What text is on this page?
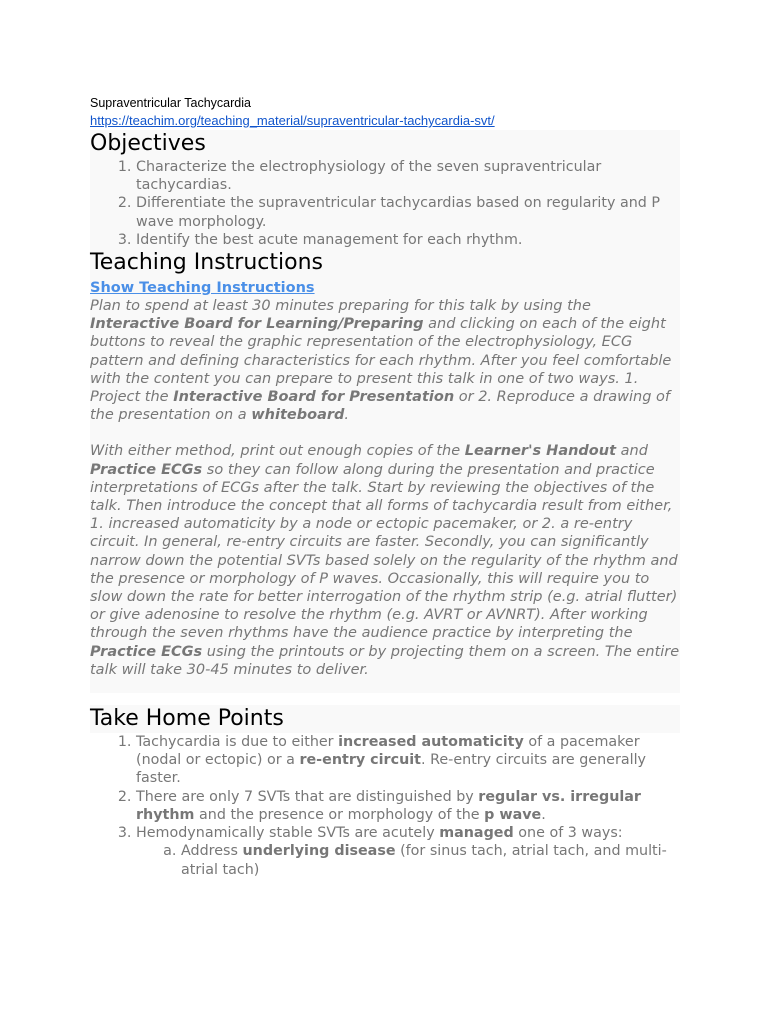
Supraventricular Tachycardia
https://teachim.org/teaching_material/supraventricular-tachycardia-svt/
Objectives
1. Characterize the electrophysiology of the seven supraventricular tachycardias.
2. Differentiate the supraventricular tachycardias based on regularity and P wave morphology.
3. Identify the best acute management for each rhythm.
Teaching Instructions
Show Teaching Instructions

Plan to spend at least 30 minutes preparing for this talk by using the Interactive Board for Learning/Preparing and clicking on each of the eight buttons to reveal the graphic representation of the electrophysiology, ECG pattern and defining characteristics for each rhythm. After you feel comfortable with the content you can prepare to present this talk in one of two ways. 1. Project the Interactive Board for Presentation or 2. Reproduce a drawing of the presentation on a whiteboard.

With either method, print out enough copies of the Learner's Handout and Practice ECGs so they can follow along during the presentation and practice interpretations of ECGs after the talk. Start by reviewing the objectives of the talk. Then introduce the concept that all forms of tachycardia result from either, 1. increased automaticity by a node or ectopic pacemaker, or 2. a re-entry circuit. In general, re-entry circuits are faster. Secondly, you can significantly narrow down the potential SVTs based solely on the regularity of the rhythm and the presence or morphology of P waves. Occasionally, this will require you to slow down the rate for better interrogation of the rhythm strip (e.g. atrial flutter) or give adenosine to resolve the rhythm (e.g. AVRT or AVNRT). After working through the seven rhythms have the audience practice by interpreting the Practice ECGs using the printouts or by projecting them on a screen. The entire talk will take 30-45 minutes to deliver.

Take Home Points
1. Tachycardia is due to either increased automaticity of a pacemaker (nodal or ectopic) or a re-entry circuit. Re-entry circuits are generally faster.
2. There are only 7 SVTs that are distinguished by regular vs. irregular rhythm and the presence or morphology of the p wave.
3. Hemodynamically stable SVTs are acutely managed one of 3 ways:
a. Address underlying disease (for sinus tach, atrial tach, and multi-atrial tach)
